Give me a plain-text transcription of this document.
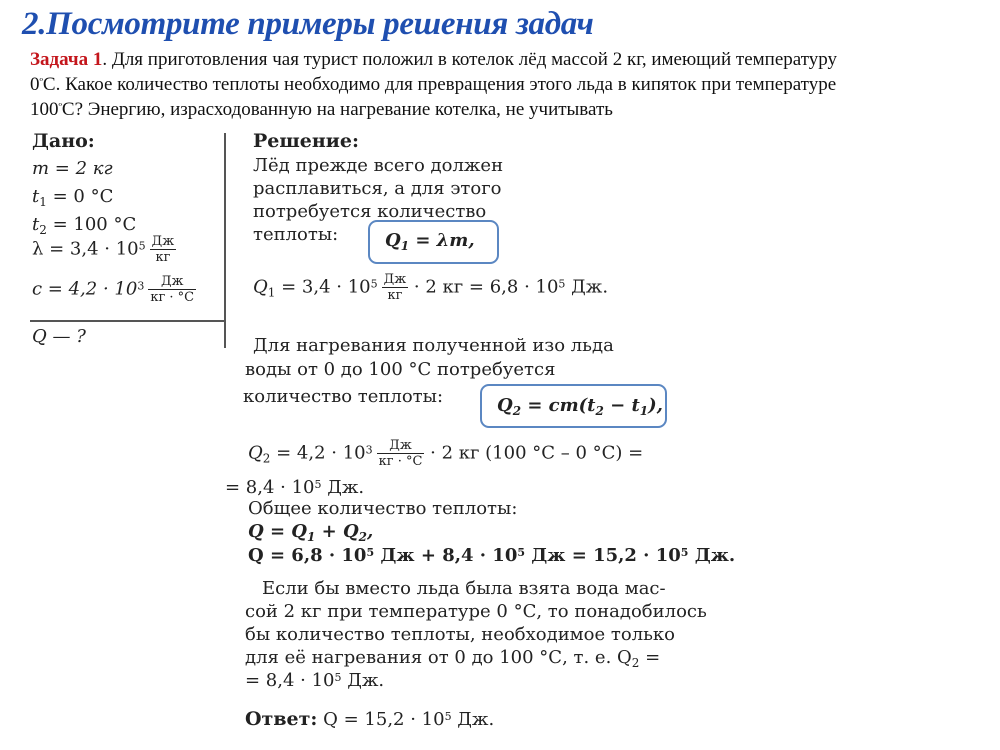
2.Посмотрите примеры решения задач
Задача 1. Для приготовления чая турист положил в котелок лёд массой 2 кг, имеющий температуру
$0^ºС$. Какое количество теплоты необходимо для превращения этого льда в кипяток при температуре
$100^ºС$? Энергию, израсходованную на нагревание котелка, не учитывать
Дано:
m = 2 кг
$t_1 = 0$ °С
$t_2 = 100$ °С
$\lambda = 3,4 \cdot 10^5 \frac{Дж}{кг}$
$c = 4,2 \cdot 10^3 \frac{Дж}{кг \cdot ^\circ С}$
Q — ?
Решение:
Лёд прежде всего должен
расплавиться, а для этого
потребуется количество
теплоты:	$Q_1 = \lambda m$,
$Q_1 = 3,4 \cdot 10^5 \frac{Дж}{кг} \cdot 2$ кг = $6,8 \cdot 10^5$ Дж.
Для нагревания полученной изо льда
воды от 0 до 100 °С потребуется
количество теплоты:	$Q_2 = cm(t_2 - t_1)$,
$Q_2 = 4,2 \cdot 10^3 \frac{Дж}{кг \cdot ^\circ С} \cdot 2$ кг (100 °С – 0 °С) =
= $8,4 \cdot 10^5$ Дж.
Общее количество теплоты:
$Q = Q_1 + Q_2$,
$Q = 6,8 \cdot 10^5$ Дж + $8,4 \cdot 10^5$ Дж = $15,2 \cdot 10^5$ Дж.
Если бы вместо льда была взята вода мас-
сой 2 кг при температуре 0 °С, то понадобилось
бы количество теплоты, необходимое только
для её нагревания от 0 до 100 °С, т. е. $Q_2$ =
= $8,4 \cdot 10^5$ Дж.
Ответ: $Q = 15,2 \cdot 10^5$ Дж.
